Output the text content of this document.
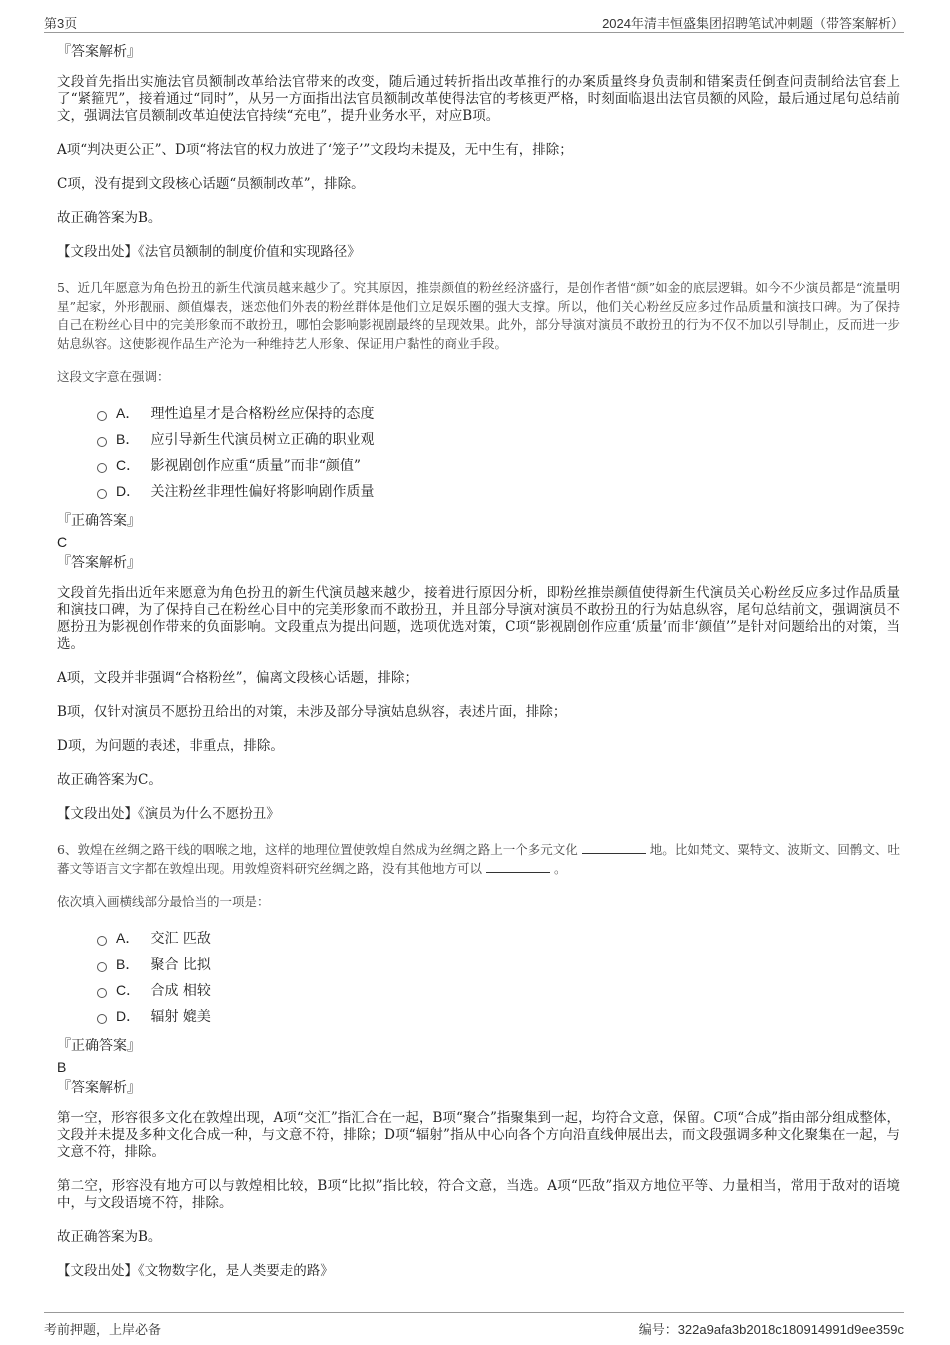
第3页	2024年清丰恒盛集团招聘笔试冲刺题（带答案解析）
『答案解析』
文段首先指出实施法官员额制改革给法官带来的改变，随后通过转折指出改革推行的办案质量终身负责制和错案责任倒查问责制给法官套上了“紧箍咒”，接着通过“同时”，从另一方面指出法官员额制改革使得法官的考核更严格，时刻面临退出法官员额的风险，最后通过尾句总结前文，强调法官员额制改革迫使法官持续“充电”，提升业务水平，对应B项。
A项“判决更公正”、D项“将法官的权力放进了‘笼子’”文段均未提及，无中生有，排除；
C项，没有提到文段核心话题“员额制改革”，排除。
故正确答案为B。
【文段出处】《法官员额制的制度价值和实现路径》
5、近几年愿意为角色扮丑的新生代演员越来越少了。究其原因，推崇颜值的粉丝经济盛行，是创作者惜“颜”如金的底层逻辑。如今不少演员都是“流量明星”起家，外形靓丽、颜值爆表，迷恋他们外表的粉丝群体是他们立足娱乐圈的强大支撑。所以，他们关心粉丝反应多过作品质量和演技口碑。为了保持自己在粉丝心目中的完美形象而不敢扮丑，哪怕会影响影视剧最终的呈现效果。此外，部分导演对演员不敢扮丑的行为不仅不加以引导制止，反而进一步姑息纵容。这使影视作品生产沦为一种维持艺人形象、保证用户黏性的商业手段。
这段文字意在强调：
A． 理性追星才是合格粉丝应保持的态度
B． 应引导新生代演员树立正确的职业观
C． 影视剧创作应重“质量”而非“颜值”
D． 关注粉丝非理性偏好将影响剧作质量
『正确答案』
C
『答案解析』
文段首先指出近年来愿意为角色扮丑的新生代演员越来越少，接着进行原因分析，即粉丝推崇颜值使得新生代演员关心粉丝反应多过作品质量和演技口碑，为了保持自己在粉丝心目中的完美形象而不敢扮丑，并且部分导演对演员不敢扮丑的行为姑息纵容，尾句总结前文，强调演员不愿扮丑为影视创作带来的负面影响。文段重点为提出问题，选项优选对策，C项“影视剧创作应重‘质量’而非‘颜值’”是针对问题给出的对策，当选。
A项，文段并非强调“合格粉丝”，偏离文段核心话题，排除；
B项，仅针对演员不愿扮丑给出的对策，未涉及部分导演姑息纵容，表述片面，排除；
D项，为问题的表述，非重点，排除。
故正确答案为C。
【文段出处】《演员为什么不愿扮丑》
6、敦煌在丝绸之路干线的咽喉之地，这样的地理位置使敦煌自然成为丝绸之路上一个多元文化	地。比如梵文、粟特文、波斯文、回鹘文、吐蕃文等语言文字都在敦煌出现。用敦煌资料研究丝绸之路，没有其他地方可以	。
依次填入画横线部分最恰当的一项是：
A． 交汇 匹敌
B． 聚合 比拟
C． 合成 相较
D． 辐射 媲美
『正确答案』
B
『答案解析』
第一空，形容很多文化在敦煌出现，A项“交汇”指汇合在一起，B项“聚合”指聚集到一起，均符合文意，保留。C项“合成”指由部分组成整体，文段并未提及多种文化合成一种，与文意不符，排除；D项“辐射”指从中心向各个方向沿直线伸展出去，而文段强调多种文化聚集在一起，与文意不符，排除。
第二空，形容没有地方可以与敦煌相比较，B项“比拟”指比较，符合文意，当选。A项“匹敌”指双方地位平等、力量相当，常用于敌对的语境中，与文段语境不符，排除。
故正确答案为B。
【文段出处】《文物数字化，是人类要走的路》
考前押题，上岸必备	编号：322a9afa3b2018c180914991d9ee359c
